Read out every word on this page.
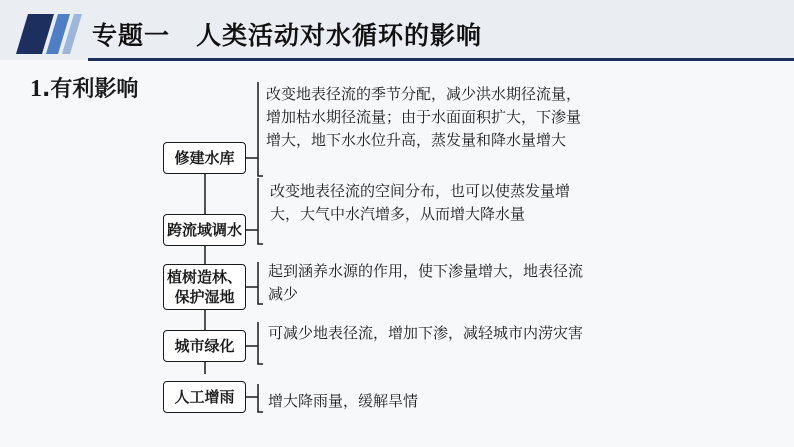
专题一　人类活动对水循环的影响
1.有利影响
修建水库
跨流域调水
植树造林、保护湿地
城市绿化
人工增雨

改变地表径流的季节分配，减少洪水期径流量，增加枯水期径流量；由于水面面积扩大，下渗量增大，地下水水位升高，蒸发量和降水量增大

改变地表径流的空间分布，也可以使蒸发量增大，大气中水汽增多，从而增大降水量

起到涵养水源的作用，使下渗量增大，地表径流减少

可减少地表径流，增加下渗，减轻城市内涝灾害

增大降雨量，缓解旱情
